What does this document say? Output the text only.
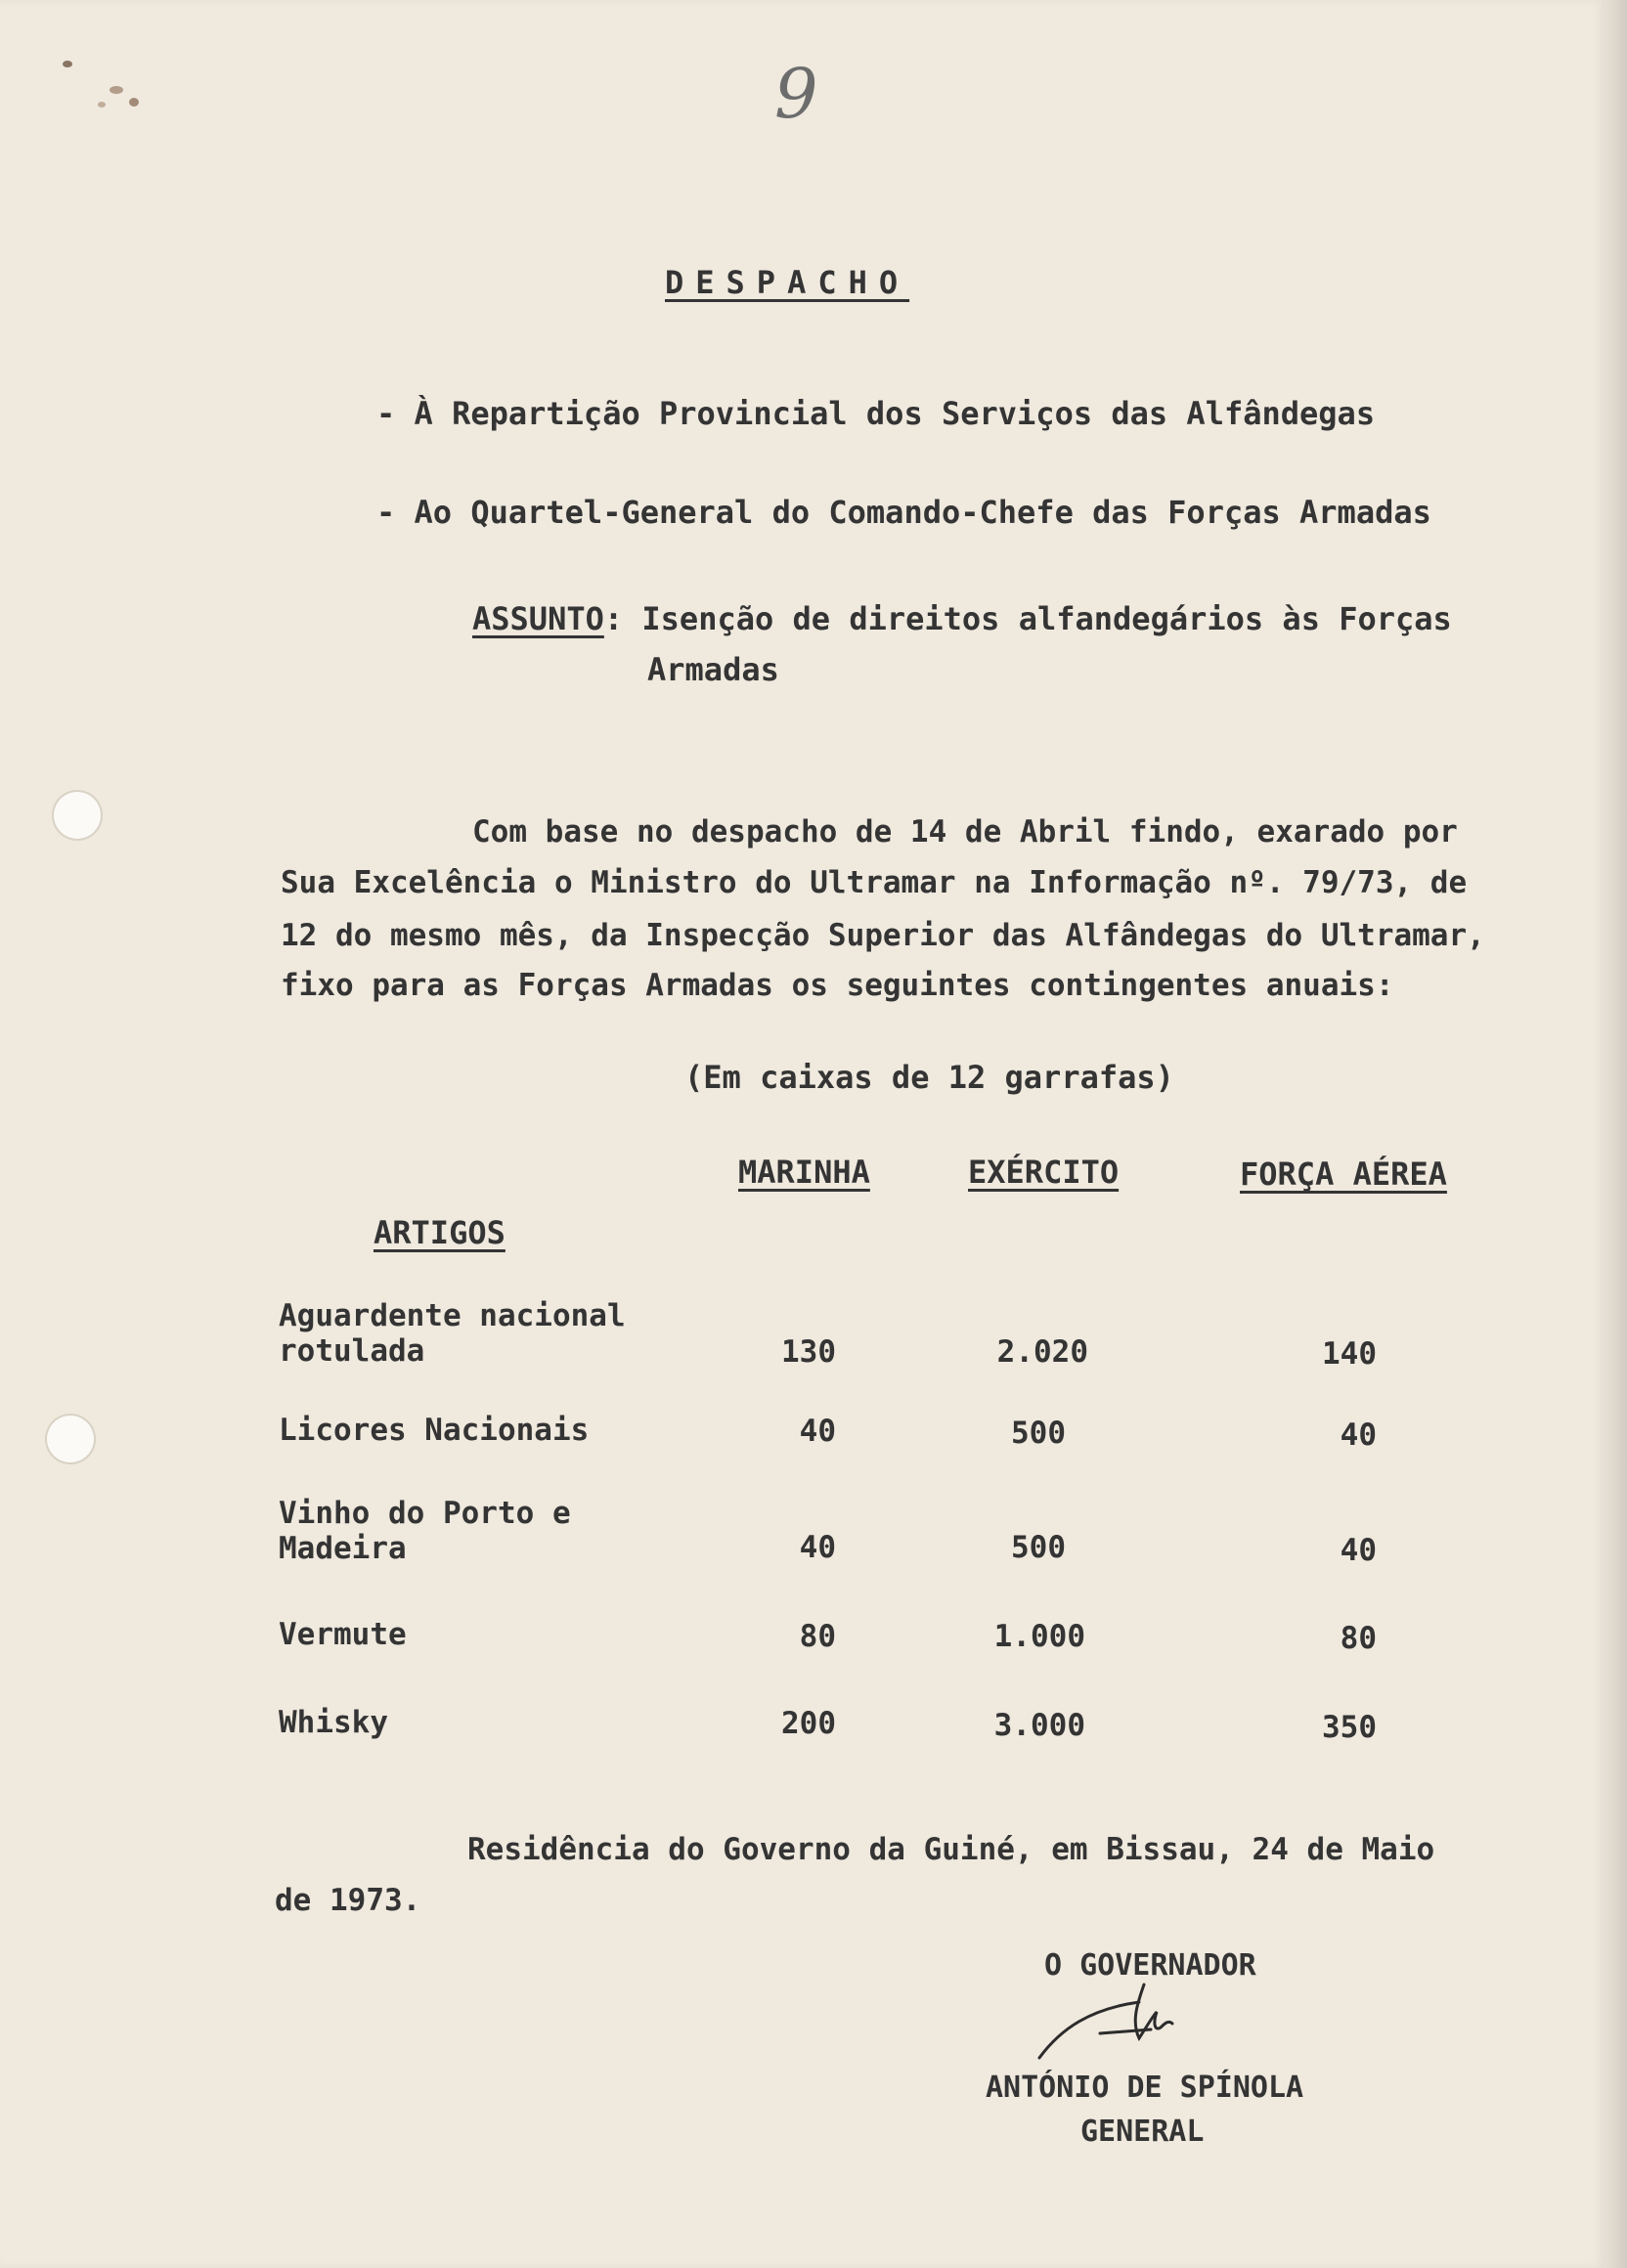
9
DESPACHO
- À Repartição Provincial dos Serviços das Alfândegas
- Ao Quartel-General do Comando-Chefe das Forças Armadas
ASSUNTO: Isenção de direitos alfandegários às Forças
Armadas
Com base no despacho de 14 de Abril findo, exarado por
Sua Excelência o Ministro do Ultramar na Informação nº. 79/73, de
12 do mesmo mês, da Inspecção Superior das Alfândegas do Ultramar,
fixo para as Forças Armadas os seguintes contingentes anuais:
(Em caixas de 12 garrafas)
MARINHA	EXÉRCITO	FORÇA AÉREA
ARTIGOS
Aguardente nacional
rotulada	130	2.020	140
Licores Nacionais	40	500	40
Vinho do Porto e
Madeira	40	500	40
Vermute	80	1.000	80
Whisky	200	3.000	350
Residência do Governo da Guiné, em Bissau, 24 de Maio
de 1973.
O GOVERNADOR
ANTÓNIO DE SPÍNOLA
GENERAL
